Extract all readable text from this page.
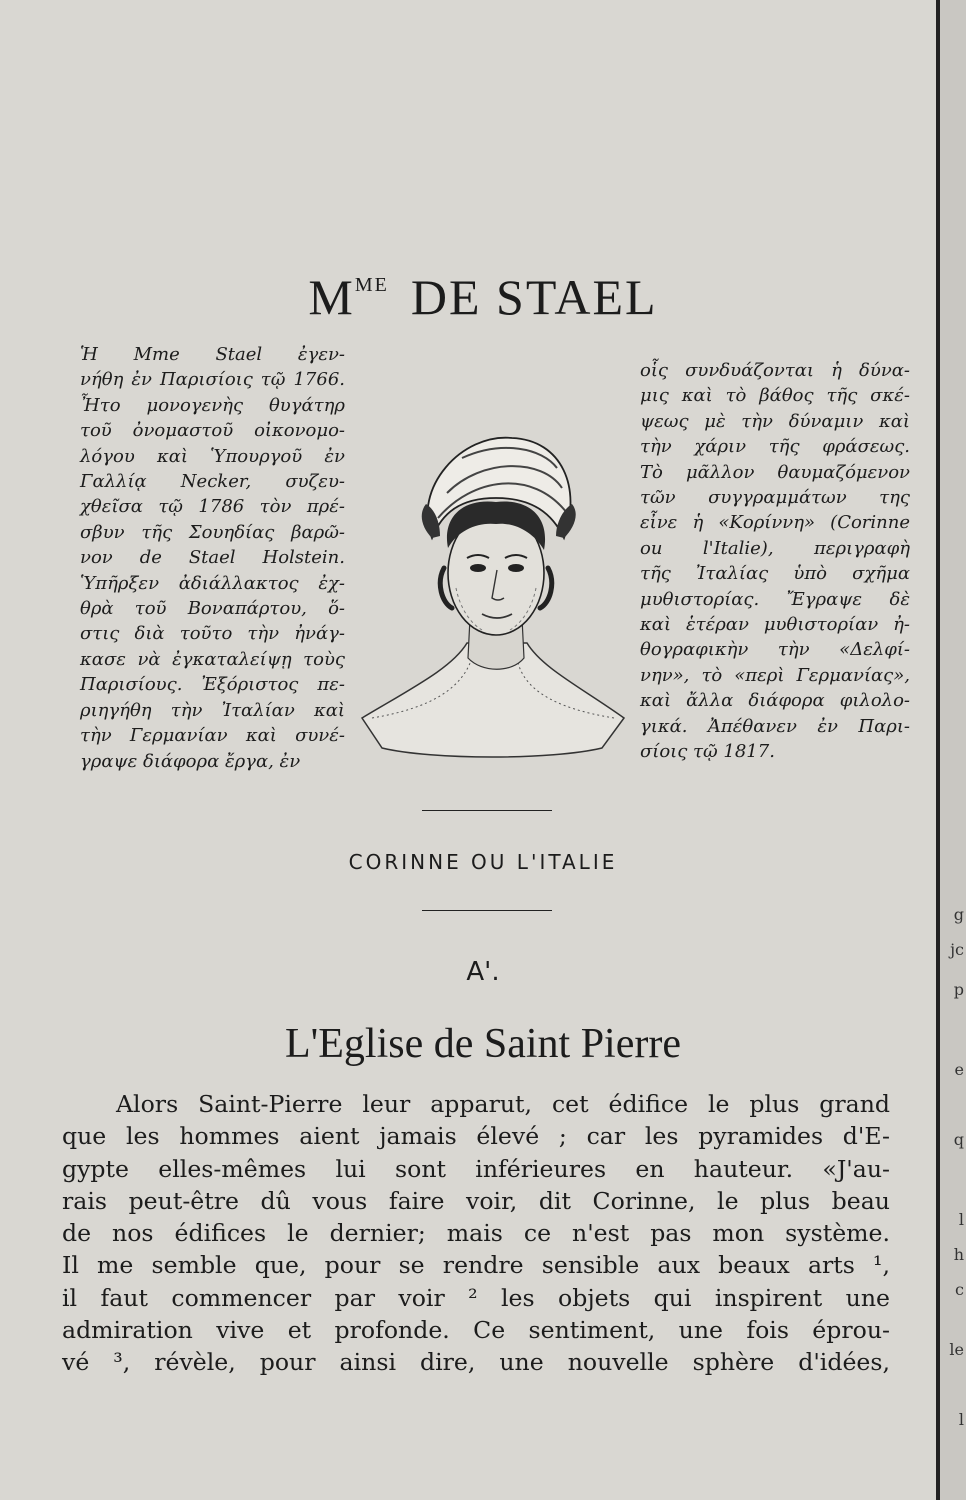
g
jc
p
e
q
l
h
c
le
l
$M^{ME}$ DE STAEL
Ἡ Mme Stael ἐγεν-
νήθη ἐν Παρισίοις τῷ 1766.
Ἦτο μονογενὴς θυγάτηρ
τοῦ ὀνομαστοῦ οἰκονομο-
λόγου καὶ Ὑπουργοῦ ἐν
Γαλλίᾳ Necker, συζευ-
χθεῖσα τῷ 1786 τὸν πρέ-
σβυν τῆς Σουηδίας βαρῶ-
νον de Stael Holstein.
Ὑπῆρξεν ἀδιάλλακτος ἐχ-
θρὰ τοῦ Βοναπάρτου, ὅ-
στις διὰ τοῦτο τὴν ἠνάγ-
κασε νὰ ἐγκαταλείψῃ τοὺς
Παρισίους. Ἐξόριστος πε-
ριηγήθη τὴν Ἰταλίαν καὶ
τὴν Γερμανίαν καὶ συνέ-
γραψε διάφορα ἔργα, ἐν
οἷς συνδυάζονται ἡ δύνα-
μις καὶ τὸ βάθος τῆς σκέ-
ψεως μὲ τὴν δύναμιν καὶ
τὴν χάριν τῆς φράσεως.
Τὸ μᾶλλον θαυμαζόμενον
τῶν συγγραμμάτων της
εἶνε ἡ «Κορίννη» (Corinne
ou l'Italie), περιγραφὴ
τῆς Ἰταλίας ὑπὸ σχῆμα
μυθιστορίας. Ἔγραψε δὲ
καὶ ἑτέραν μυθιστορίαν ἠ-
θογραφικὴν τὴν «Δελφί-
νην», τὸ «περὶ Γερμανίας»,
καὶ ἄλλα διάφορα φιλολο-
γικά. Ἀπέθανεν ἐν Παρι-
σίοις τῷ 1817.
CORINNE OU L'ITALIE
A'.
L'Eglise de Saint Pierre
Alors Saint-Pierre leur apparut, cet édifice le plus grand
que les hommes aient jamais élevé ; car les pyramides d'E-
gypte elles-mêmes lui sont inférieures en hauteur. «J'au-
rais peut-être dû vous faire voir, dit Corinne, le plus beau
de nos édifices le dernier; mais ce n'est pas mon système.
Il me semble que, pour se rendre sensible aux beaux arts ¹,
il faut commencer par voir ² les objets qui inspirent une
admiration vive et profonde. Ce sentiment, une fois éprou-
vé ³, révèle, pour ainsi dire, une nouvelle sphère d'idées,
